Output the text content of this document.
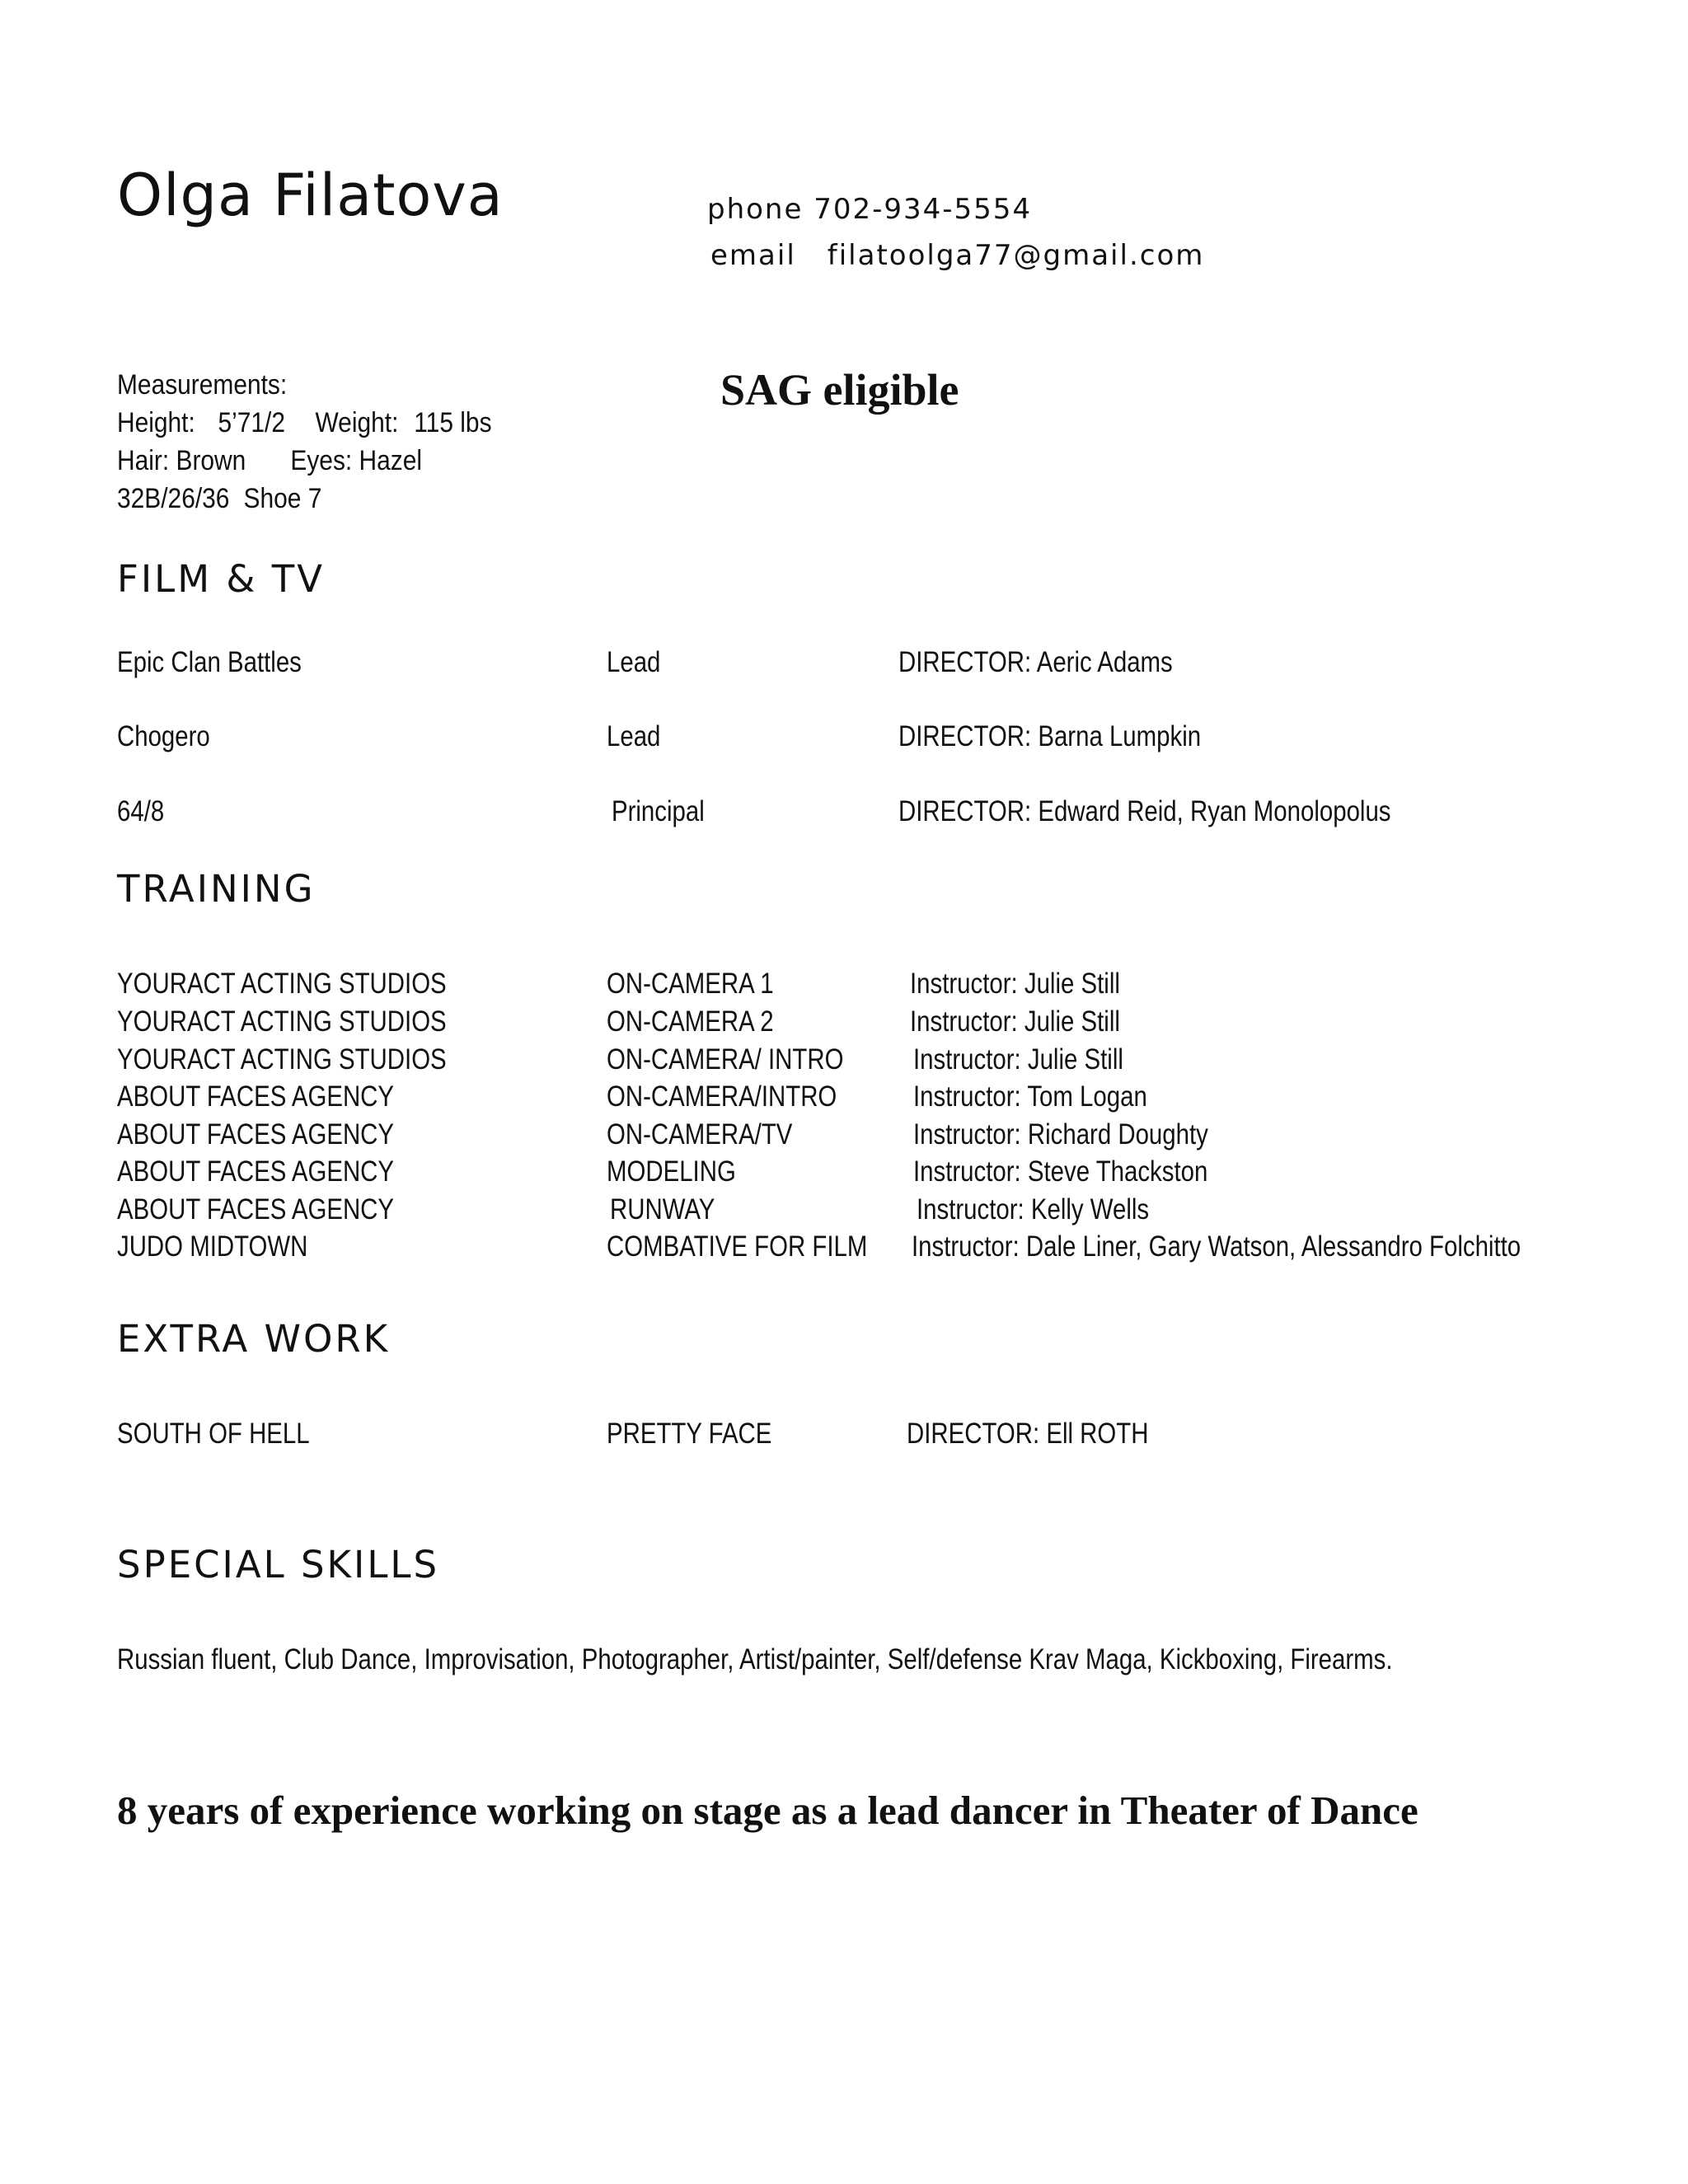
Olga Filatova	phone 702-934-5554
email filatoolga77@gmail.com
Measurements:
Height: 5’71/2 Weight: 115 lbs
Hair: Brown Eyes: Hazel
32B/26/36 Shoe 7
SAG eligible
FILM & TV
Epic Clan Battles	Lead	DIRECTOR: Aeric Adams
Chogero	Lead	DIRECTOR: Barna Lumpkin
64/8	Principal	DIRECTOR: Edward Reid, Ryan Monolopolus
TRAINING
YOURACT ACTING STUDIOS	ON-CAMERA 1	Instructor: Julie Still
YOURACT ACTING STUDIOS	ON-CAMERA 2	Instructor: Julie Still
YOURACT ACTING STUDIOS	ON-CAMERA/ INTRO Instructor: Julie Still
ABOUT FACES AGENCY	ON-CAMERA/INTRO	Instructor: Tom Logan
ABOUT FACES AGENCY	ON-CAMERA/TV	Instructor: Richard Doughty
ABOUT FACES AGENCY	MODELING	Instructor: Steve Thackston
ABOUT FACES AGENCY	RUNWAY	Instructor: Kelly Wells
JUDO MIDTOWN	COMBATIVE FOR FILM Instructor: Dale Liner, Gary Watson, Alessandro Folchitto
EXTRA WORK
SOUTH OF HELL	PRETTY FACE	DIRECTOR: Ell ROTH
SPECIAL SKILLS
Russian fluent, Club Dance, Improvisation, Photographer, Artist/painter, Self/defense Krav Maga, Kickboxing, Firearms.
8 years of experience working on stage as a lead dancer in Theater of Dance
